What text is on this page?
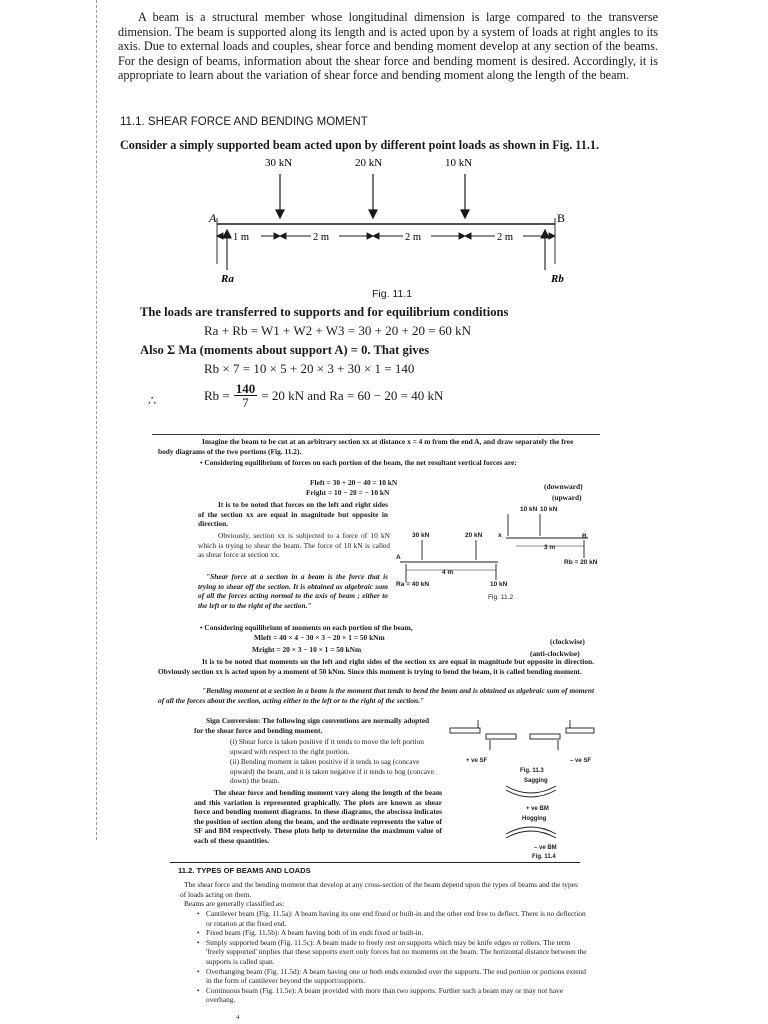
A beam is a structural member whose longitudinal dimension is large compared to the transverse dimension. The beam is supported along its length and is acted upon by a system of loads at right angles to its axis. Due to external loads and couples, shear force and bending moment develop at any section of the beams. For the design of beams, information about the shear force and bending moment is desired. Accordingly, it is appropriate to learn about the variation of shear force and bending moment along the length of the beam.
11.1. SHEAR FORCE AND BENDING MOMENT
Consider a simply supported beam acted upon by different point loads as shown in Fig. 11.1.
30 kN	20 kN	10 kN
A	B
1 m	2 m	2 m	2 m
Ra	Rb
Fig. 11.1
The loads are transferred to supports and for equilibrium conditions
Ra + Rb = W1 + W2 + W3 = 30 + 20 + 20 = 60 kN
Also Σ Ma (moments about support A) = 0. That gives
Rb × 7 = 10 × 5 + 20 × 3 + 30 × 1 = 140
∴	$Rb = \frac{140}{7} = 20$ kN and Ra = 60 − 20 = 40 kN
Imagine the beam to be cut at an arbitrary section xx at distance x = 4 m from the end A, and draw separately the free body diagrams of the two portions (Fig. 11.2).
• Considering equilibrium of forces on each portion of the beam, the net resultant vertical forces are:
Fleft = 30 + 20 − 40 = 10 kN	(downward)
Fright = 10 − 20 = − 10 kN
(upward)
It is to be noted that forces on the left and right sides of the section xx are equal in magnitude but opposite in direction.
Obviously, section xx is subjected to a force of 10 kN which is trying to shear the beam. The force of 10 kN is called as shear force at section xx.
"Shear force at a section in a beam is the force that is trying to shear off the section. It is obtained as algebraic sum of all the forces acting normal to the axis of beam ; either to the left or to the right of the section."
10 kN
10 kN
30 kN	20 kN x
A
B
3 m
4 m
Ra = 40 kN
Rb = 20 kN
10 kN
Fig. 11.2
• Considering equilibrium of moments on each portion of the beam,
Mleft = 40 × 4 − 30 × 3 − 20 × 1 = 50 kNm	(clockwise)
Mright = 20 × 3 − 10 × 1 = 50 kNm	(anti-clockwise)
It is to be noted that moments on the left and right sides of the section xx are equal in magnitude but opposite in direction. Obviously section xx is acted upon by a moment of 50 kNm. Since this moment is trying to bend the beam, it is called bending moment.
"Bending moment at a section in a beam is the moment that tends to bend the beam and is obtained as algebraic sum of moment of all the forces about the section, acting either to the left or to the right of the section."
Sign Conversion: The following sign conventions are normally adopted for the shear force and bending moment.
(i) Shear force is taken positive if it tends to move the left portion upward with respect to the right portion.
(ii) Bending moment is taken positive if it tends to sag (concave upward) the beam, and it is taken negative if it tends to hog (concave down) the beam.
The shear force and bending moment vary along the length of the beam and this variation is represented graphically. The plots are known as shear force and bending moment diagrams. In these diagrams, the abscissa indicates the position of section along the beam, and the ordinate represents the value of SF and BM respectively. These plots help to determine the maximum value of each of these quantities.
+ ve SF	– ve SF
Fig. 11.3
Sagging
+ ve BM
Hogging
– ve BM
Fig. 11.4
11.2. TYPES OF BEAMS AND LOADS
The shear force and the bending moment that develop at any cross-section of the beam depend upon the types of beams and the types of loads acting on them.
Beams are generally classified as:
• Cantilever beam (Fig. 11.5a): A beam having its one end fixed or built-in and the other end free to deflect. There is no deflection or rotation at the fixed end.
• Fixed beam (Fig. 11.5b): A beam having both of its ends fixed or built-in.
• Simply supported beam (Fig. 11.5c): A beam made to freely rest on supports which may be knife edges or rollers. The term 'freely supported' implies that these supports exert only forces but no moments on the beam. The horizontal distance between the supports is called span.
• Overhanging beam (Fig. 11.5d): A beam having one or both ends extended over the supports. The end portion or portions extend in the form of cantilever beyond the support/supports.
• Continuous beam (Fig. 11.5e): A beam provided with more than two supports. Further such a beam may or may not have overhang.
4
